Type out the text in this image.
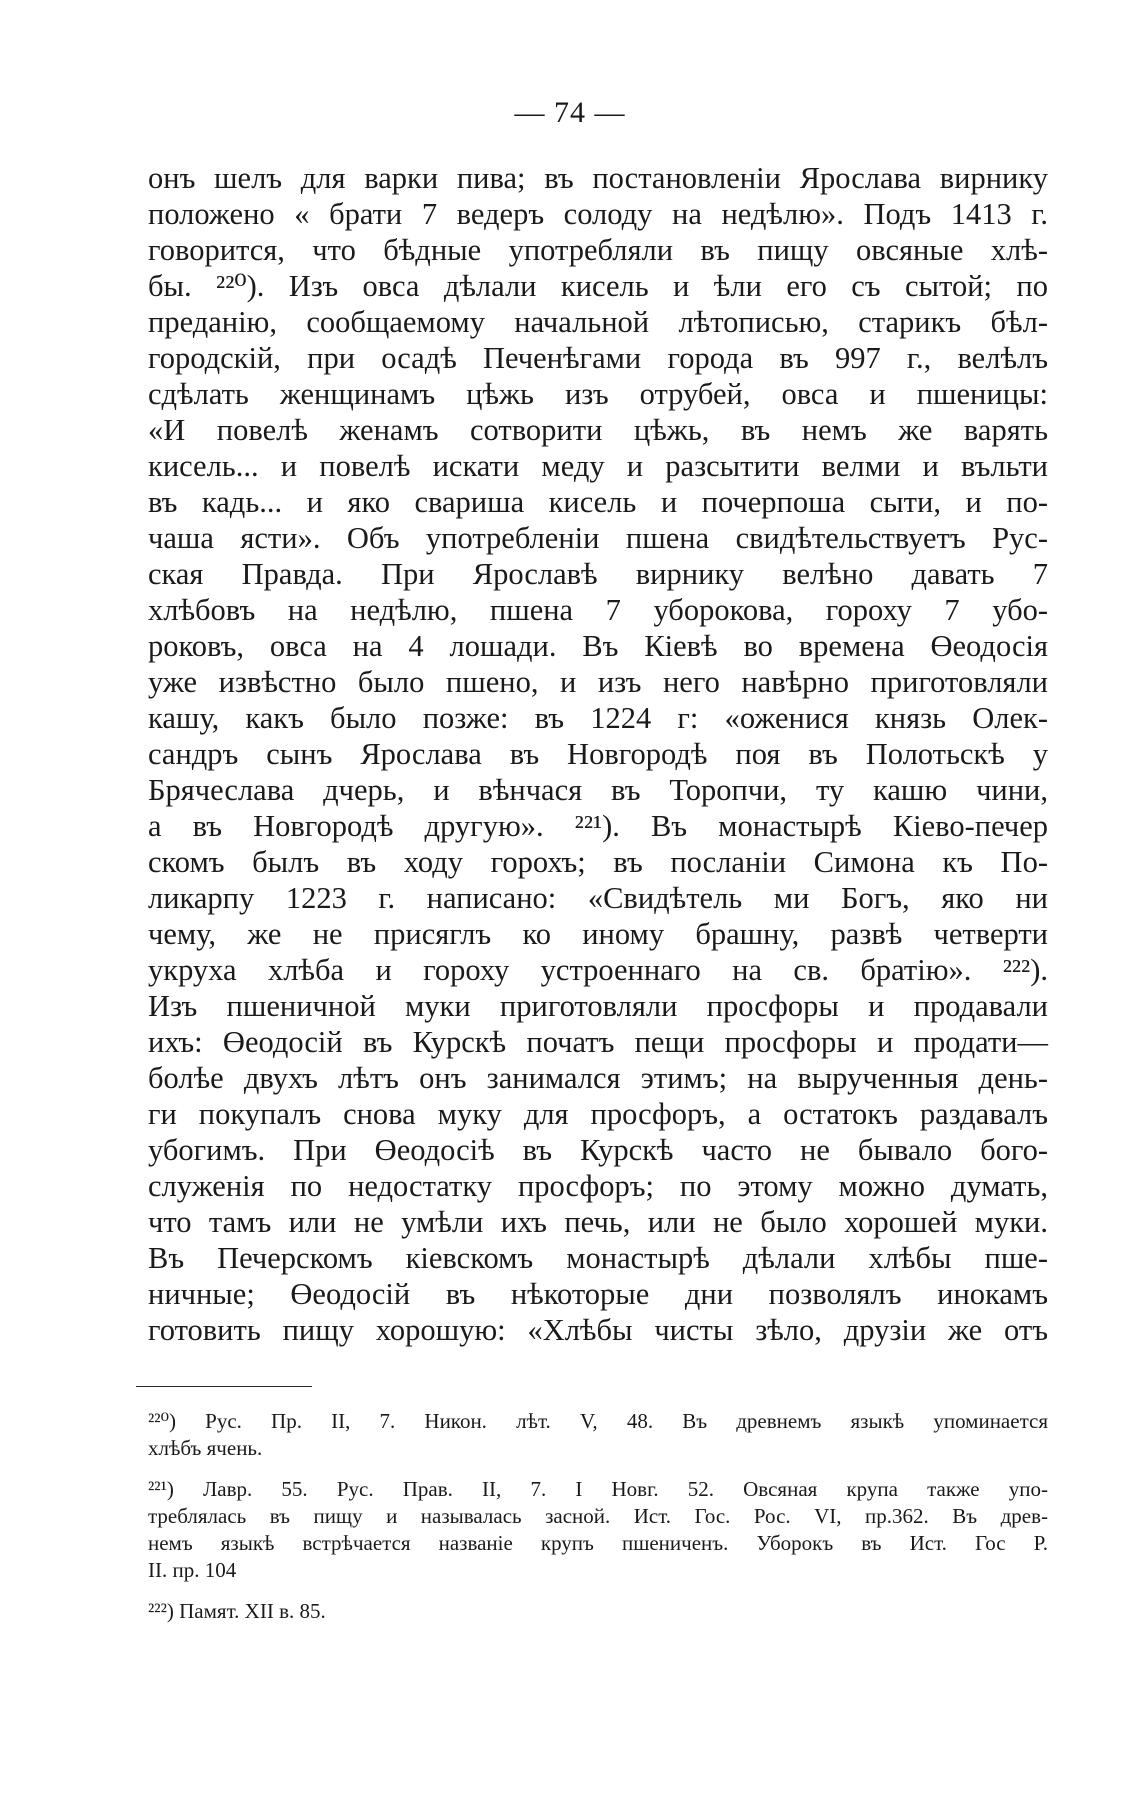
— 74 —
онъ шелъ для варки пива; въ постановленіи Ярослава вирнику
положено « брати 7 ведеръ солоду на недѣлю». Подъ 1413 г.
говорится, что бѣдные употребляли въ пищу овсяные хлѣ-
бы. ²²⁰). Изъ овса дѣлали кисель и ѣли его съ сытой; по
преданію, сообщаемому начальной лѣтописью, старикъ бѣл-
городскій, при осадѣ Печенѣгами города въ 997 г., велѣлъ
сдѣлать женщинамъ цѣжь изъ отрубей, овса и пшеницы:
«И повелѣ женамъ сотворити цѣжь, въ немъ же варять
кисель... и повелѣ искати меду и разсытити велми и въльти
въ кадь... и яко свариша кисель и почерпоша сыти, и по-
чаша ясти». Объ употребленіи пшена свидѣтельствуетъ Рус-
ская Правда. При Ярославѣ вирнику велѣно давать 7
хлѣбовъ на недѣлю, пшена 7 уборокова, гороху 7 убо-
роковъ, овса на 4 лошади. Въ Кіевѣ во времена Өеодосія
уже извѣстно было пшено, и изъ него навѣрно приготовляли
кашу, какъ было позже: въ 1224 г: «оженися князь Олек-
сандръ сынъ Ярослава въ Новгородѣ поя въ Полотьскѣ у
Брячеслава дчерь, и вѣнчася въ Торопчи, ту кашю чини,
а въ Новгородѣ другую». ²²¹). Въ монастырѣ Кіево-печер
скомъ былъ въ ходу горохъ; въ посланіи Симона къ По-
ликарпу 1223 г. написано: «Свидѣтель ми Богъ, яко ни
чему, же не присяглъ ко иному брашну, развѣ четверти
укруха хлѣба и гороху устроеннаго на св. братію». ²²²).
Изъ пшеничной муки приготовляли просфоры и продавали
ихъ: Өеодосій въ Курскѣ початъ пещи просфоры и продати—
болѣе двухъ лѣтъ онъ занимался этимъ; на вырученныя день-
ги покупалъ снова муку для просфоръ, а остатокъ раздавалъ
убогимъ. При Өеодосіѣ въ Курскѣ часто не бывало бого-
служенія по недостатку просфоръ; по этому можно думать,
что тамъ или не умѣли ихъ печь, или не было хорошей муки.
Въ Печерскомъ кіевскомъ монастырѣ дѣлали хлѣбы пше-
ничные; Өеодосій въ нѣкоторые дни позволялъ инокамъ
готовить пищу хорошую: «Хлѣбы чисты зѣло, друзіи же отъ
²²⁰) Рус. Пр. II, 7. Никон. лѣт. V, 48. Въ древнемъ языкѣ упоминается
хлѣбъ ячень.
²²¹) Лавр. 55. Рус. Прав. II, 7. I Новг. 52. Овсяная крупа также упо-
треблялась въ пищу и называлась засной. Ист. Гос. Рос. VI, пр.362. Въ древ-
немъ языкѣ встрѣчается названіе крупъ пшениченъ. Уборокъ въ Ист. Гос Р.
II. пр. 104
²²²) Памят. XII в. 85.
